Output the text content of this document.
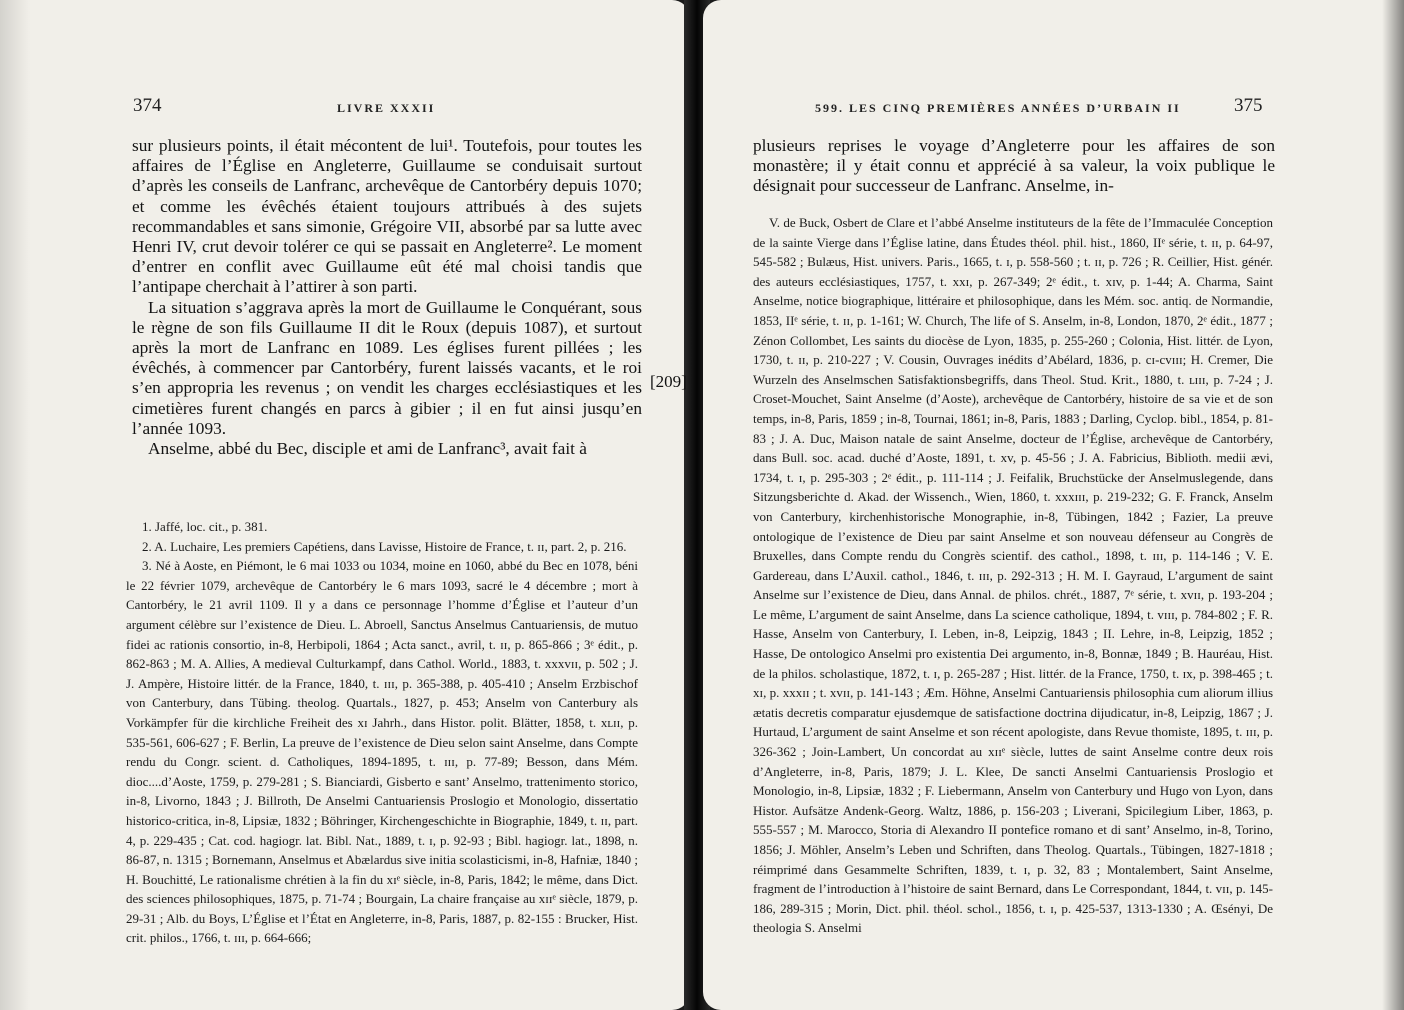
374	LIVRE XXXII

sur plusieurs points, il était mécontent de lui¹. Toutefois, pour toutes les affaires de l’Église en Angleterre, Guillaume se conduisait surtout d’après les conseils de Lanfranc, archevêque de Cantorbéry depuis 1070; et comme les évêchés étaient toujours attribués à des sujets recommandables et sans simonie, Grégoire VII, absorbé par sa lutte avec Henri IV, crut devoir tolérer ce qui se passait en Angleterre². Le moment d’entrer en conflit avec Guillaume eût été mal choisi tandis que l’antipape cherchait à l’attirer à son parti.

La situation s’aggrava après la mort de Guillaume le Conquérant, sous le règne de son fils Guillaume II dit le Roux (depuis 1087), et surtout après la mort de Lanfranc en 1089. Les églises furent pillées ; les évêchés, à commencer par Cantorbéry, furent laissés vacants, et le roi s’en appropria les revenus ; on vendit les charges ecclésiastiques et les cimetières furent changés en parcs à gibier ; il en fut ainsi jusqu’en l’année 1093.

Anselme, abbé du Bec, disciple et ami de Lanfranc³, avait fait à

1. Jaffé, loc. cit., p. 381.

2. A. Luchaire, Les premiers Capétiens, dans Lavisse, Histoire de France, t. ɪɪ, part. 2, p. 216.

3. Né à Aoste, en Piémont, le 6 mai 1033 ou 1034, moine en 1060, abbé du Bec en 1078, béni le 22 février 1079, archevêque de Cantorbéry le 6 mars 1093, sacré le 4 décembre ; mort à Cantorbéry, le 21 avril 1109. Il y a dans ce personnage l’homme d’Église et l’auteur d’un argument célèbre sur l’existence de Dieu. L. Abroell, Sanctus Anselmus Cantuariensis, de mutuo fidei ac rationis consortio, in-8, Herbipoli, 1864 ; Acta sanct., avril, t. ɪɪ, p. 865-866 ; 3ᵉ édit., p. 862-863 ; M. A. Allies, A medieval Culturkampf, dans Cathol. World., 1883, t. xxxvɪɪ, p. 502 ; J. J. Ampère, Histoire littér. de la France, 1840, t. ɪɪɪ, p. 365-388, p. 405-410 ; Anselm Erzbischof von Canterbury, dans Tübing. theolog. Quartals., 1827, p. 453; Anselm von Canterbury als Vorkämpfer für die kirchliche Freiheit des xɪ Jahrh., dans Histor. polit. Blätter, 1858, t. xʟɪɪ, p. 535-561, 606-627 ; F. Berlin, La preuve de l’existence de Dieu selon saint Anselme, dans Compte rendu du Congr. scient. d. Catholiques, 1894-1895, t. ɪɪɪ, p. 77-89; Besson, dans Mém. dioc....d’Aoste, 1759, p. 279-281 ; S. Bianciardi, Gisberto e sant’ Anselmo, trattenimento storico, in-8, Livorno, 1843 ; J. Billroth, De Anselmi Cantuariensis Proslogio et Monologio, dissertatio historico-critica, in-8, Lipsiæ, 1832 ; Böhringer, Kirchengeschichte in Biographie, 1849, t. ɪɪ, part. 4, p. 229-435 ; Cat. cod. hagiogr. lat. Bibl. Nat., 1889, t. ɪ, p. 92-93 ; Bibl. hagiogr. lat., 1898, n. 86-87, n. 1315 ; Bornemann, Anselmus et Abælardus sive initia scolasticismi, in-8, Hafniæ, 1840 ; H. Bouchitté, Le rationalisme chrétien à la fin du xɪᵉ siècle, in-8, Paris, 1842; le même, dans Dict. des sciences philosophiques, 1875, p. 71-74 ; Bourgain, La chaire française au xɪɪᵉ siècle, 1879, p. 29-31 ; Alb. du Boys, L’Église et l’État en Angleterre, in-8, Paris, 1887, p. 82-155 : Brucker, Hist. crit. philos., 1766, t. ɪɪɪ, p. 664-666;

599. LES CINQ PREMIÈRES ANNÉES D’URBAIN II	375

plusieurs reprises le voyage d’Angleterre pour les affaires de son monastère; il y était connu et apprécié à sa valeur, la voix publique le désignait pour successeur de Lanfranc. Anselme, in-

V. de Buck, Osbert de Clare et l’abbé Anselme instituteurs de la fête de l’Immaculée Conception de la sainte Vierge dans l’Église latine, dans Études théol. phil. hist., 1860, IIᵉ série, t. ɪɪ, p. 64-97, 545-582 ; Bulæus, Hist. univers. Paris., 1665, t. ɪ, p. 558-560 ; t. ɪɪ, p. 726 ; R. Ceillier, Hist. génér. des auteurs ecclésiastiques, 1757, t. xxɪ, p. 267-349; 2ᵉ édit., t. xɪv, p. 1-44; A. Charma, Saint Anselme, notice biographique, littéraire et philosophique, dans les Mém. soc. antiq. de Normandie, 1853, IIᵉ série, t. ɪɪ, p. 1-161; W. Church, The life of S. Anselm, in-8, London, 1870, 2ᵉ édit., 1877 ; Zénon Collombet, Les saints du diocèse de Lyon, 1835, p. 255-260 ; Colonia, Hist. littér. de Lyon, 1730, t. ɪɪ, p. 210-227 ; V. Cousin, Ouvrages inédits d’Abélard, 1836, p. cɪ-cvɪɪɪ; H. Cremer, Die Wurzeln des Anselmschen Satisfaktionsbegriffs, dans Theol. Stud. Krit., 1880, t. ʟɪɪɪ, p. 7-24 ; J. Croset-Mouchet, Saint Anselme (d’Aoste), archevêque de Cantorbéry, histoire de sa vie et de son temps, in-8, Paris, 1859 ; in-8, Tournai, 1861; in-8, Paris, 1883 ; Darling, Cyclop. bibl., 1854, p. 81-83 ; J. A. Duc, Maison natale de saint Anselme, docteur de l’Église, archevêque de Cantorbéry, dans Bull. soc. acad. duché d’Aoste, 1891, t. xv, p. 45-56 ; J. A. Fabricius, Biblioth. medii ævi, 1734, t. ɪ, p. 295-303 ; 2ᵉ édit., p. 111-114 ; J. Feifalik, Bruchstücke der Anselmuslegende, dans Sitzungsberichte d. Akad. der Wissench., Wien, 1860, t. xxxɪɪɪ, p. 219-232; G. F. Franck, Anselm von Canterbury, kirchenhistorische Monographie, in-8, Tübingen, 1842 ; Fazier, La preuve ontologique de l’existence de Dieu par saint Anselme et son nouveau défenseur au Congrès de Bruxelles, dans Compte rendu du Congrès scientif. des cathol., 1898, t. ɪɪɪ, p. 114-146 ; V. E. Gardereau, dans L’Auxil. cathol., 1846, t. ɪɪɪ, p. 292-313 ; H. M. I. Gayraud, L’argument de saint Anselme sur l’existence de Dieu, dans Annal. de philos. chrét., 1887, 7ᵉ série, t. xvɪɪ, p. 193-204 ; Le même, L’argument de saint Anselme, dans La science catholique, 1894, t. vɪɪɪ, p. 784-802 ; F. R. Hasse, Anselm von Canterbury, I. Leben, in-8, Leipzig, 1843 ; II. Lehre, in-8, Leipzig, 1852 ; Hasse, De ontologico Anselmi pro existentia Dei argumento, in-8, Bonnæ, 1849 ; B. Hauréau, Hist. de la philos. scholastique, 1872, t. ɪ, p. 265-287 ; Hist. littér. de la France, 1750, t. ɪx, p. 398-465 ; t. xɪ, p. xxxɪɪ ; t. xvɪɪ, p. 141-143 ; Æm. Höhne, Anselmi Cantuariensis philosophia cum aliorum illius ætatis decretis comparatur ejusdemque de satisfactione doctrina dijudicatur, in-8, Leipzig, 1867 ; J. Hurtaud, L’argument de saint Anselme et son récent apologiste, dans Revue thomiste, 1895, t. ɪɪɪ, p. 326-362 ; Join-Lambert, Un concordat au xɪɪᵉ siècle, luttes de saint Anselme contre deux rois d’Angleterre, in-8, Paris, 1879; J. L. Klee, De sancti Anselmi Cantuariensis Proslogio et Monologio, in-8, Lipsiæ, 1832 ; F. Liebermann, Anselm von Canterbury und Hugo von Lyon, dans Histor. Aufsätze Andenk-Georg. Waltz, 1886, p. 156-203 ; Liverani, Spicilegium Liber, 1863, p. 555-557 ; M. Marocco, Storia di Alexandro II pontefice romano et di sant’ Anselmo, in-8, Torino, 1856; J. Möhler, Anselm’s Leben und Schriften, dans Theolog. Quartals., Tübingen, 1827-1818 ; réimprimé dans Gesammelte Schriften, 1839, t. ɪ, p. 32, 83 ; Montalembert, Saint Anselme, fragment de l’introduction à l’histoire de saint Bernard, dans Le Correspondant, 1844, t. vɪɪ, p. 145-186, 289-315 ; Morin, Dict. phil. théol. schol., 1856, t. ɪ, p. 425-537, 1313-1330 ; A. Œsényi, De theologia S. Anselmi

[209]
